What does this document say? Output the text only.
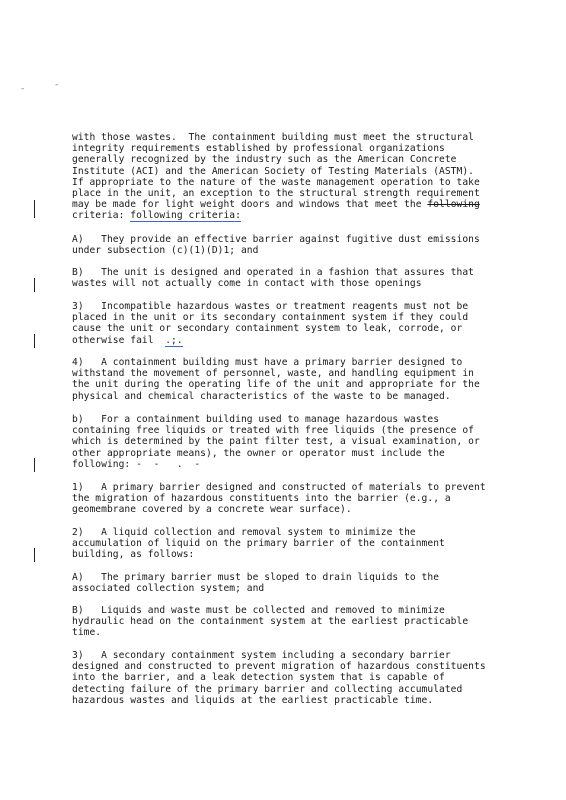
-	-
with those wastes.  The containment building must meet the structural
integrity requirements established by professional organizations
generally recognized by the industry such as the American Concrete
Institute (ACI) and the American Society of Testing Materials (ASTM).
If appropriate to the nature of the waste management operation to take
place in the unit, an exception to the structural strength requirement
may be made for light weight doors and windows that meet the following
criteria: following criteria:
A)   They provide an effective barrier against fugitive dust emissions
under subsection (c)(1)(D)1; and
B)   The unit is designed and operated in a fashion that assures that
wastes will not actually come in contact with those openings
3)   Incompatible hazardous wastes or treatment reagents must not be
placed in the unit or its secondary containment system if they could
cause the unit or secondary containment system to leak, corrode, or
otherwise fail  .;.
4)   A containment building must have a primary barrier designed to
withstand the movement of personnel, waste, and handling equipment in
the unit during the operating life of the unit and appropriate for the
physical and chemical characteristics of the waste to be managed.
b)   For a containment building used to manage hazardous wastes
containing free liquids or treated with free liquids (the presence of
which is determined by the paint filter test, a visual examination, or
other appropriate means), the owner or operator must include the
following: -  -   .  -
1)   A primary barrier designed and constructed of materials to prevent
the migration of hazardous constituents into the barrier (e.g., a
geomembrane covered by a concrete wear surface).
2)   A liquid collection and removal system to minimize the
accumulation of liquid on the primary barrier of the containment
building, as follows:
A)   The primary barrier must be sloped to drain liquids to the
associated collection system; and
B)   Liquids and waste must be collected and removed to minimize
hydraulic head on the containment system at the earliest practicable
time.
3)   A secondary containment system including a secondary barrier
designed and constructed to prevent migration of hazardous constituents
into the barrier, and a leak detection system that is capable of
detecting failure of the primary barrier and collecting accumulated
hazardous wastes and liquids at the earliest practicable time.
